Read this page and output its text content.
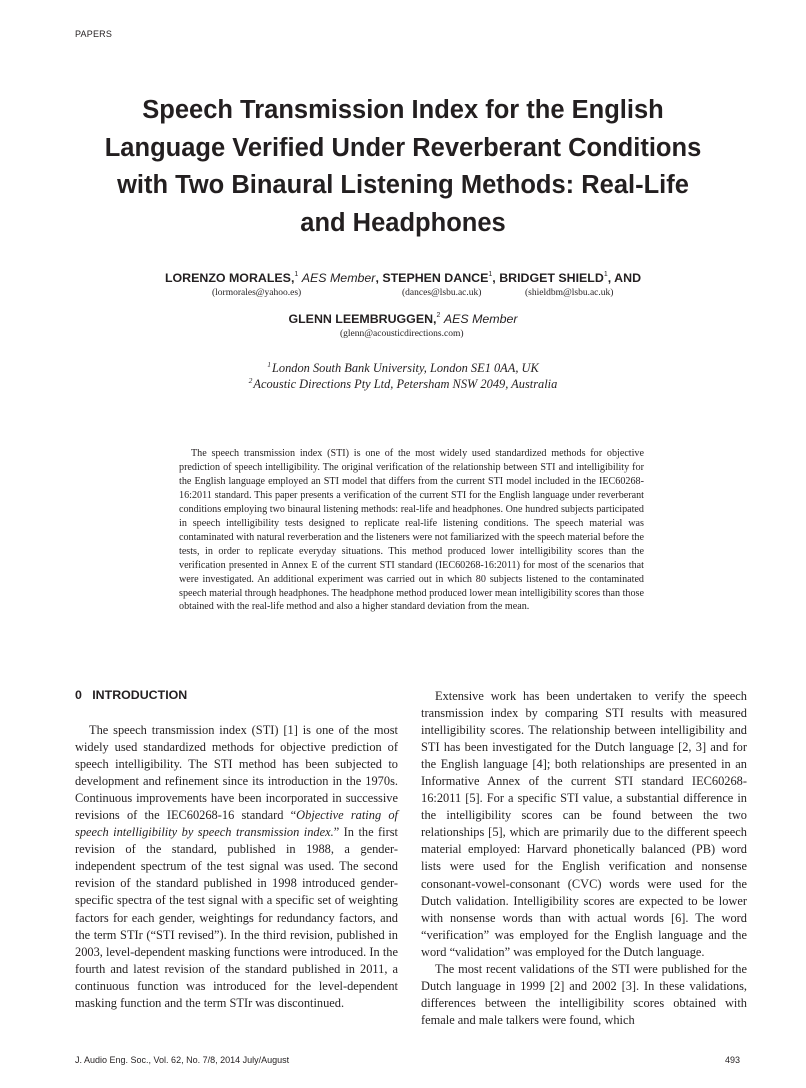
PAPERS
Speech Transmission Index for the English
Language Verified Under Reverberant Conditions
with Two Binaural Listening Methods: Real-Life
and Headphones
LORENZO MORALES,$^1$ AES Member, STEPHEN DANCE$^1$, BRIDGET SHIELD$^1$, AND
(lormorales@yahoo.es)	(dances@lsbu.ac.uk)	(shieldbm@lsbu.ac.uk)
GLENN LEEMBRUGGEN,$^2$ AES Member
(glenn@acousticdirections.com)
$^1$London South Bank University, London SE1 0AA, UK
$^2$Acoustic Directions Pty Ltd, Petersham NSW 2049, Australia

The speech transmission index (STI) is one of the most widely used standardized methods for objective prediction of speech intelligibility. The original verification of the relationship between STI and intelligibility for the English language employed an STI model that differs from the current STI model included in the IEC60268-16:2011 standard. This paper presents a verification of the current STI for the English language under reverberant conditions employing two binaural listening methods: real-life and headphones. One hundred subjects participated in speech intelligibility tests designed to replicate real-life listening conditions. The speech material was contaminated with natural reverberation and the listeners were not familiarized with the speech material before the tests, in order to replicate everyday situations. This method produced lower intelligibility scores than the verification presented in Annex E of the current STI standard (IEC60268-16:2011) for most of the scenarios that were investigated. An additional experiment was carried out in which 80 subjects listened to the contaminated speech material through headphones. The headphone method produced lower mean intelligibility scores than those obtained with the real-life method and also a higher standard deviation from the mean.

0 INTRODUCTION

The speech transmission index (STI) [1] is one of the most widely used standardized methods for objective prediction of speech intelligibility. The STI method has been subjected to development and refinement since its introduction in the 1970s. Continuous improvements have been incorporated in successive revisions of the IEC60268-16 standard “Objective rating of speech intelligibility by speech transmission index.” In the first revision of the standard, published in 1988, a gender-independent spectrum of the test signal was used. The second revision of the standard published in 1998 introduced gender-specific spectra of the test signal with a specific set of weighting factors for each gender, weightings for redundancy factors, and the term STIr (“STI revised”). In the third revision, published in 2003, level-dependent masking functions were introduced. In the fourth and latest revision of the standard published in 2011, a continuous function was introduced for the level-dependent masking function and the term STIr was discontinued.

Extensive work has been undertaken to verify the speech transmission index by comparing STI results with measured intelligibility scores. The relationship between intelligibility and STI has been investigated for the Dutch language [2, 3] and for the English language [4]; both relationships are presented in an Informative Annex of the current STI standard IEC60268-16:2011 [5]. For a specific STI value, a substantial difference in the intelligibility scores can be found between the two relationships [5], which are primarily due to the different speech material employed: Harvard phonetically balanced (PB) word lists were used for the English verification and nonsense consonant-vowel-consonant (CVC) words were used for the Dutch validation. Intelligibility scores are expected to be lower with nonsense words than with actual words [6]. The word “verification” was employed for the English language and the word “validation” was employed for the Dutch language.

The most recent validations of the STI were published for the Dutch language in 1999 [2] and 2002 [3]. In these validations, differences between the intelligibility scores obtained with female and male talkers were found, which

J. Audio Eng. Soc., Vol. 62, No. 7/8, 2014 July/August	493
